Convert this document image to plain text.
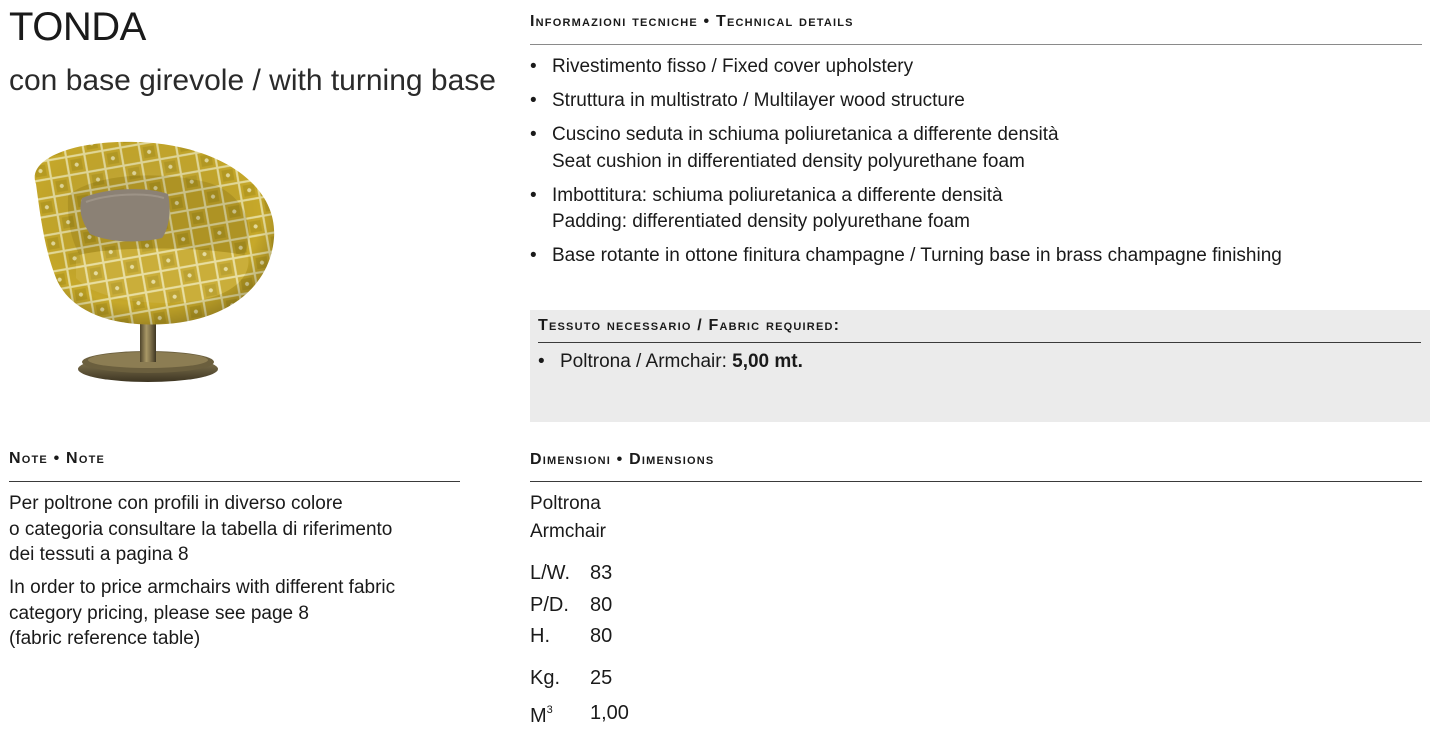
TONDA

con base girevole / with turning base

Note • Note

Per poltrone con profili in diverso colore
o categoria consultare la tabella di riferimento
dei tessuti a pagina 8

In order to price armchairs with different fabric
category pricing, please see page 8
(fabric reference table)

Informazioni tecniche • Technical details
• Rivestimento fisso / Fixed cover upholstery
• Struttura in multistrato / Multilayer wood structure
• Cuscino seduta in schiuma poliuretanica a differente densità
Seat cushion in differentiated density polyurethane foam
• Imbottitura: schiuma poliuretanica a differente densità
Padding: differentiated density polyurethane foam
• Base rotante in ottone finitura champagne / Turning base in brass champagne finishing
Tessuto necessario / Fabric required:
• Poltrona / Armchair: 5,00 mt.
Dimensioni • Dimensions

Poltrona
Armchair

L/W.	83
P/D.	80
H.	80
Kg.	25
$M^3$	1,00
